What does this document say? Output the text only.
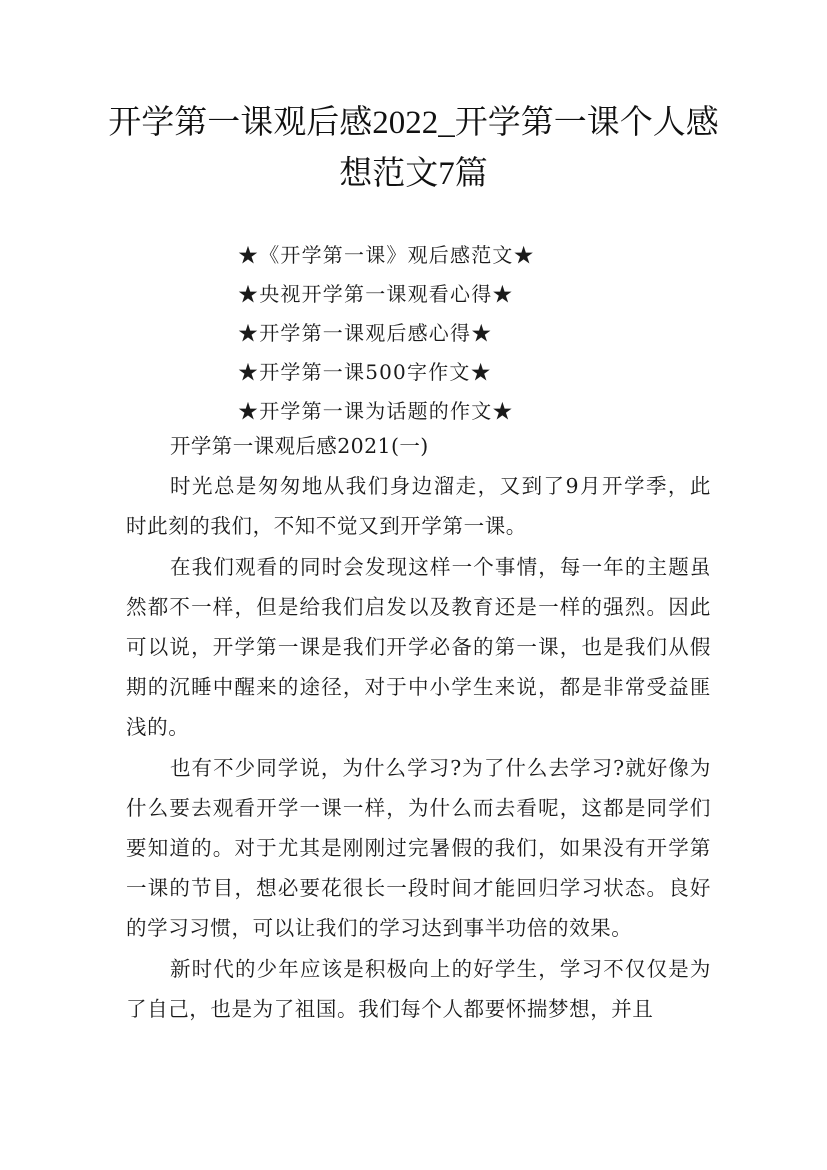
开学第一课观后感2022_开学第一课个人感想范文7篇
★《开学第一课》观后感范文★
★央视开学第一课观看心得★
★开学第一课观后感心得★
★开学第一课500字作文★
★开学第一课为话题的作文★

开学第一课观后感2021(一)

时光总是匆匆地从我们身边溜走，又到了9月开学季，此时此刻的我们，不知不觉又到开学第一课。

在我们观看的同时会发现这样一个事情，每一年的主题虽然都不一样，但是给我们启发以及教育还是一样的强烈。因此可以说，开学第一课是我们开学必备的第一课，也是我们从假期的沉睡中醒来的途径，对于中小学生来说，都是非常受益匪浅的。

也有不少同学说，为什么学习?为了什么去学习?就好像为什么要去观看开学一课一样，为什么而去看呢，这都是同学们要知道的。对于尤其是刚刚过完暑假的我们，如果没有开学第一课的节目，想必要花很长一段时间才能回归学习状态。良好的学习习惯，可以让我们的学习达到事半功倍的效果。

新时代的少年应该是积极向上的好学生，学习不仅仅是为了自己，也是为了祖国。我们每个人都要怀揣梦想，并且
